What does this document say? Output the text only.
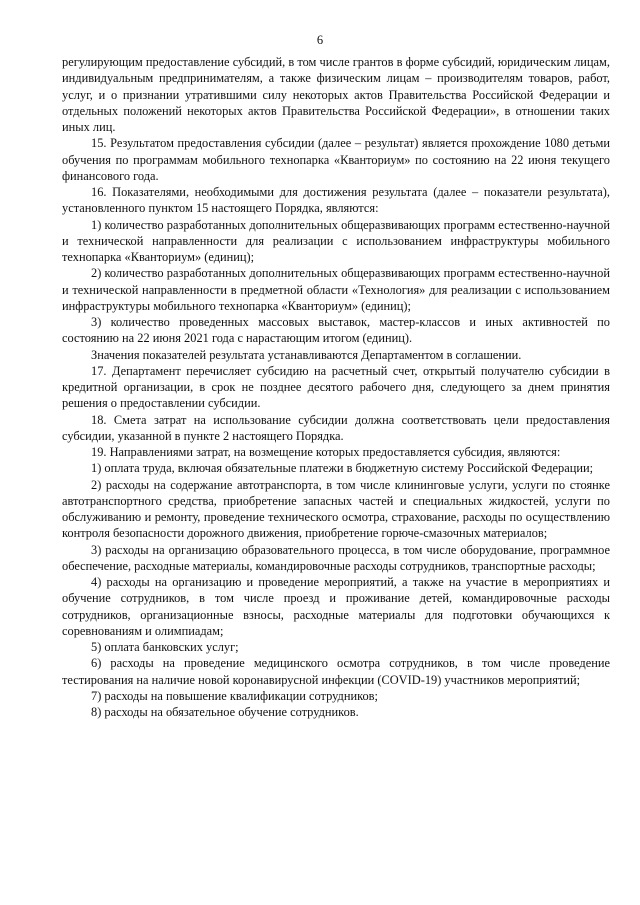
6

регулирующим предоставление субсидий, в том числе грантов в форме субсидий, юридическим лицам, индивидуальным предпринимателям, а также физическим лицам – производителям товаров, работ, услуг, и о признании утратившими силу некоторых актов Правительства Российской Федерации и отдельных положений некоторых актов Правительства Российской Федерации», в отношении таких иных лиц.

15. Результатом предоставления субсидии (далее – результат) является прохождение 1080 детьми обучения по программам мобильного технопарка «Кванториум» по состоянию на 22 июня текущего финансового года.

16. Показателями, необходимыми для достижения результата (далее – показатели результата), установленного пунктом 15 настоящего Порядка, являются:

1) количество разработанных дополнительных общеразвивающих программ естественно-научной и технической направленности для реализации с использованием инфраструктуры мобильного технопарка «Кванториум» (единиц);

2) количество разработанных дополнительных общеразвивающих программ естественно-научной и технической направленности в предметной области «Технология» для реализации с использованием инфраструктуры мобильного технопарка «Кванториум» (единиц);

3) количество проведенных массовых выставок, мастер-классов и иных активностей по состоянию на 22 июня 2021 года с нарастающим итогом (единиц).

Значения показателей результата устанавливаются Департаментом в соглашении.

17. Департамент перечисляет субсидию на расчетный счет, открытый получателю субсидии в кредитной организации, в срок не позднее десятого рабочего дня, следующего за днем принятия решения о предоставлении субсидии.

18. Смета затрат на использование субсидии должна соответствовать цели предоставления субсидии, указанной в пункте 2 настоящего Порядка.

19. Направлениями затрат, на возмещение которых предоставляется субсидия, являются:

1) оплата труда, включая обязательные платежи в бюджетную систему Российской Федерации;

2) расходы на содержание автотранспорта, в том числе клининговые услуги, услуги по стоянке автотранспортного средства, приобретение запасных частей и специальных жидкостей, услуги по обслуживанию и ремонту, проведение технического осмотра, страхование, расходы по осуществлению контроля безопасности дорожного движения, приобретение горюче-смазочных материалов;

3) расходы на организацию образовательного процесса, в том числе оборудование, программное обеспечение, расходные материалы, командировочные расходы сотрудников, транспортные расходы;

4) расходы на организацию и проведение мероприятий, а также на участие в мероприятиях и обучение сотрудников, в том числе проезд и проживание детей, командировочные расходы сотрудников, организационные взносы, расходные материалы для подготовки обучающихся к соревнованиям и олимпиадам;

5) оплата банковских услуг;

6) расходы на проведение медицинского осмотра сотрудников, в том числе проведение тестирования на наличие новой коронавирусной инфекции (COVID-19) участников мероприятий;

7) расходы на повышение квалификации сотрудников;

8) расходы на обязательное обучение сотрудников.
